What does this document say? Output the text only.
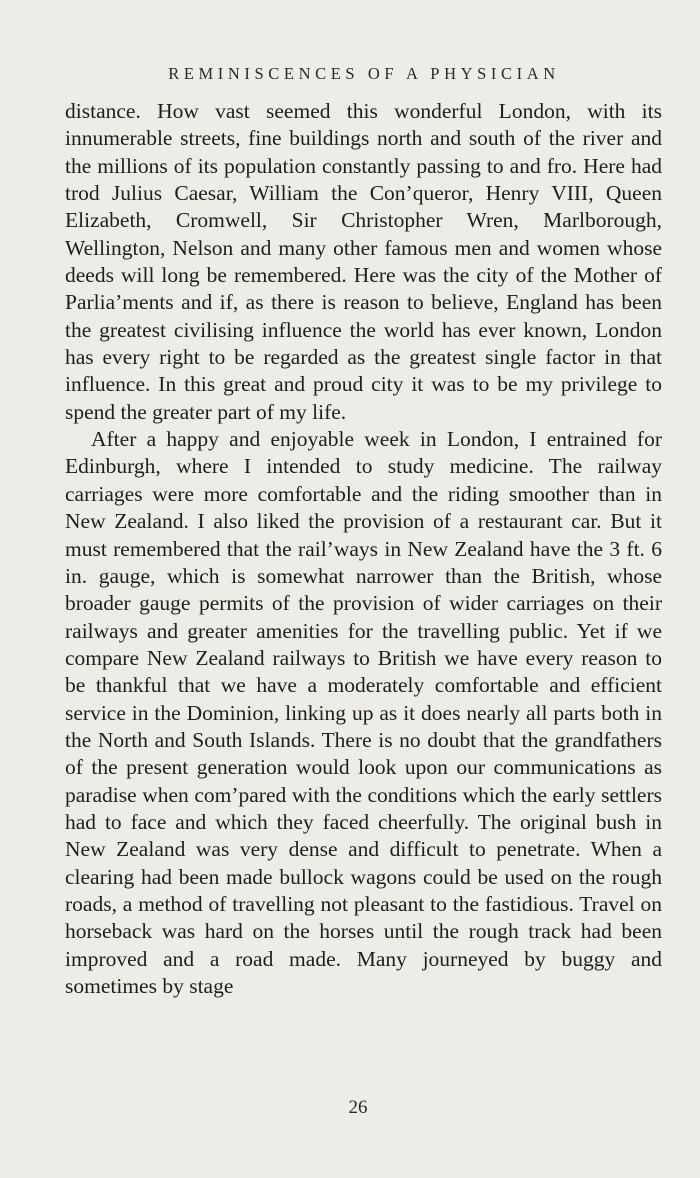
REMINISCENCES OF A PHYSICIAN

distance. How vast seemed this wonderful London, with its innumerable streets, fine buildings north and south of the river and the millions of its population constantly passing to and fro. Here had trod Julius Caesar, William the Con’queror, Henry VIII, Queen Elizabeth, Cromwell, Sir Christopher Wren, Marlborough, Wellington, Nelson and many other famous men and women whose deeds will long be remembered. Here was the city of the Mother of Parlia’ments and if, as there is reason to believe, England has been the greatest civilising influence the world has ever known, London has every right to be regarded as the greatest single factor in that influence. In this great and proud city it was to be my privilege to spend the greater part of my life.

After a happy and enjoyable week in London, I entrained for Edinburgh, where I intended to study medicine. The railway carriages were more comfortable and the riding smoother than in New Zealand. I also liked the provision of a restaurant car. But it must remembered that the rail’ways in New Zealand have the 3 ft. 6 in. gauge, which is somewhat narrower than the British, whose broader gauge permits of the provision of wider carriages on their railways and greater amenities for the travelling public. Yet if we compare New Zealand railways to British we have every reason to be thankful that we have a moderately comfortable and efficient service in the Dominion, linking up as it does nearly all parts both in the North and South Islands. There is no doubt that the grandfathers of the present generation would look upon our communications as paradise when com’pared with the conditions which the early settlers had to face and which they faced cheerfully. The original bush in New Zealand was very dense and difficult to penetrate. When a clearing had been made bullock wagons could be used on the rough roads, a method of travelling not pleasant to the fastidious. Travel on horseback was hard on the horses until the rough track had been improved and a road made. Many journeyed by buggy and sometimes by stage

26
